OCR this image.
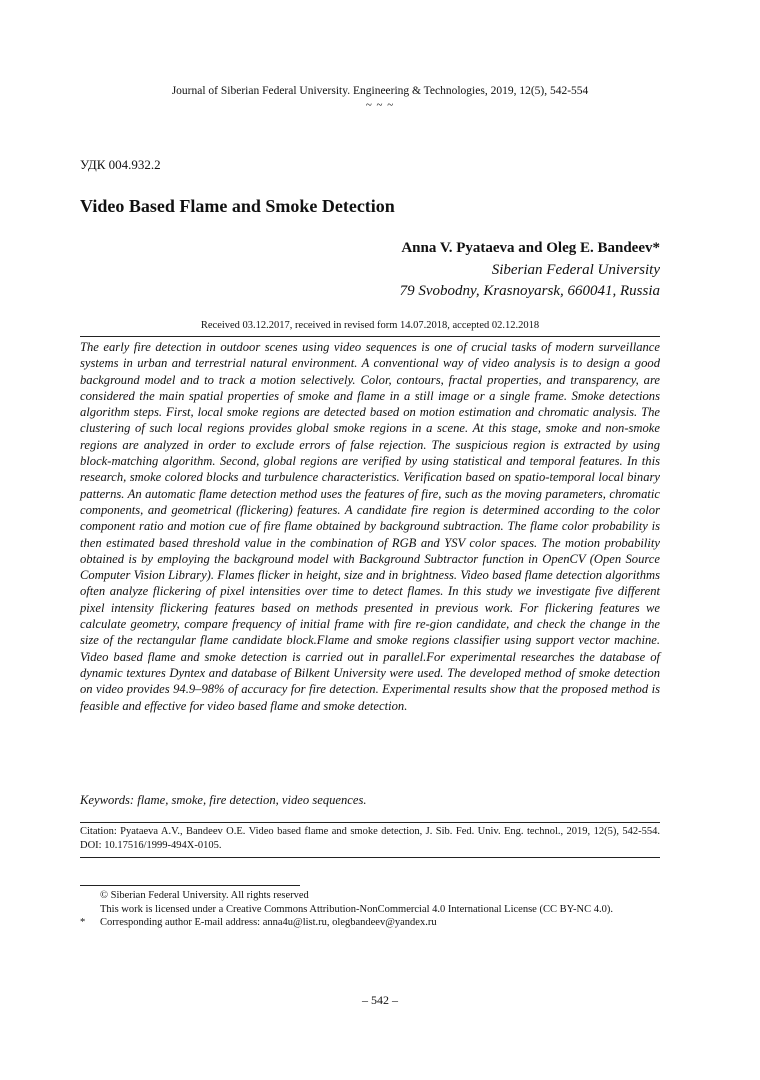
Journal of Siberian Federal University. Engineering & Technologies, 2019, 12(5), 542-554
~ ~ ~
УДК 004.932.2
Video Based Flame and Smoke Detection
Anna V. Pyataeva and Oleg E. Bandeev*
Siberian Federal University
79 Svobodny, Krasnoyarsk, 660041, Russia
Received 03.12.2017, received in revised form 14.07.2018, accepted 02.12.2018

The early fire detection in outdoor scenes using video sequences is one of crucial tasks of modern surveillance systems in urban and terrestrial natural environment. A conventional way of video analysis is to design a good background model and to track a motion selectively. Color, contours, fractal properties, and transparency, are considered the main spatial properties of smoke and flame in a still image or a single frame. Smoke detections algorithm steps. First, local smoke regions are detected based on motion estimation and chromatic analysis. The clustering of such local regions provides global smoke regions in a scene. At this stage, smoke and non-smoke regions are analyzed in order to exclude errors of false rejection. The suspicious region is extracted by using block-matching algorithm. Second, global regions are verified by using statistical and temporal features. In this research, smoke colored blocks and turbulence characteristics. Verification based on spatio-temporal local binary patterns. An automatic flame detection method uses the features of fire, such as the moving parameters, chromatic components, and geometrical (flickering) features. A candidate fire region is determined according to the color component ratio and motion cue of fire flame obtained by background subtraction. The flame color probability is then estimated based threshold value in the combination of RGB and YSV color spaces. The motion probability obtained is by employing the background model with Background Subtractor function in OpenCV (Open Source Computer Vision Library). Flames flicker in height, size and in brightness. Video based flame detection algorithms often analyze flickering of pixel intensities over time to detect flames. In this study we investigate five different pixel intensity flickering features based on methods presented in previous work. For flickering features we calculate geometry, compare frequency of initial frame with fire re-gion candidate, and check the change in the size of the rectangular flame candidate block.Flame and smoke regions classifier using support vector machine. Video based flame and smoke detection is carried out in parallel.For experimental researches the database of dynamic textures Dyntex and database of Bilkent University were used. The developed method of smoke detection on video provides 94.9–98% of accuracy for fire detection. Experimental results show that the proposed method is feasible and effective for video based flame and smoke detection.

Keywords: flame, smoke, fire detection, video sequences.

Citation: Pyataeva A.V., Bandeev O.E. Video based flame and smoke detection, J. Sib. Fed. Univ. Eng. technol., 2019, 12(5), 542-554. DOI: 10.17516/1999-494X-0105.

© Siberian Federal University. All rights reserved
This work is licensed under a Creative Commons Attribution-NonCommercial 4.0 International License (CC BY-NC 4.0).
*	Corresponding author E-mail address: anna4u@list.ru, olegbandeev@yandex.ru
– 542 –
